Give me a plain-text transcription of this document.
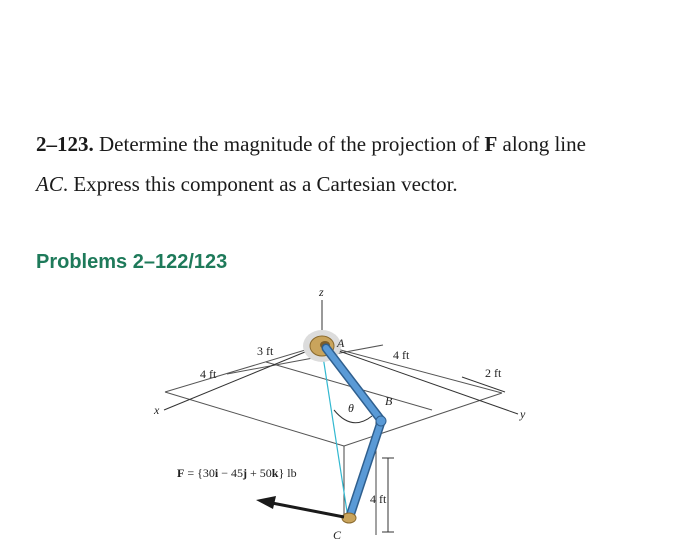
2–123. Determine the magnitude of the projection of F along line
AC. Express this component as a Cartesian vector.
Problems 2–122/123
z
x	y
A
B
C
θ
3 ft
4 ft
4 ft
2 ft
4 ft
F = {30i − 45j + 50k} lb
